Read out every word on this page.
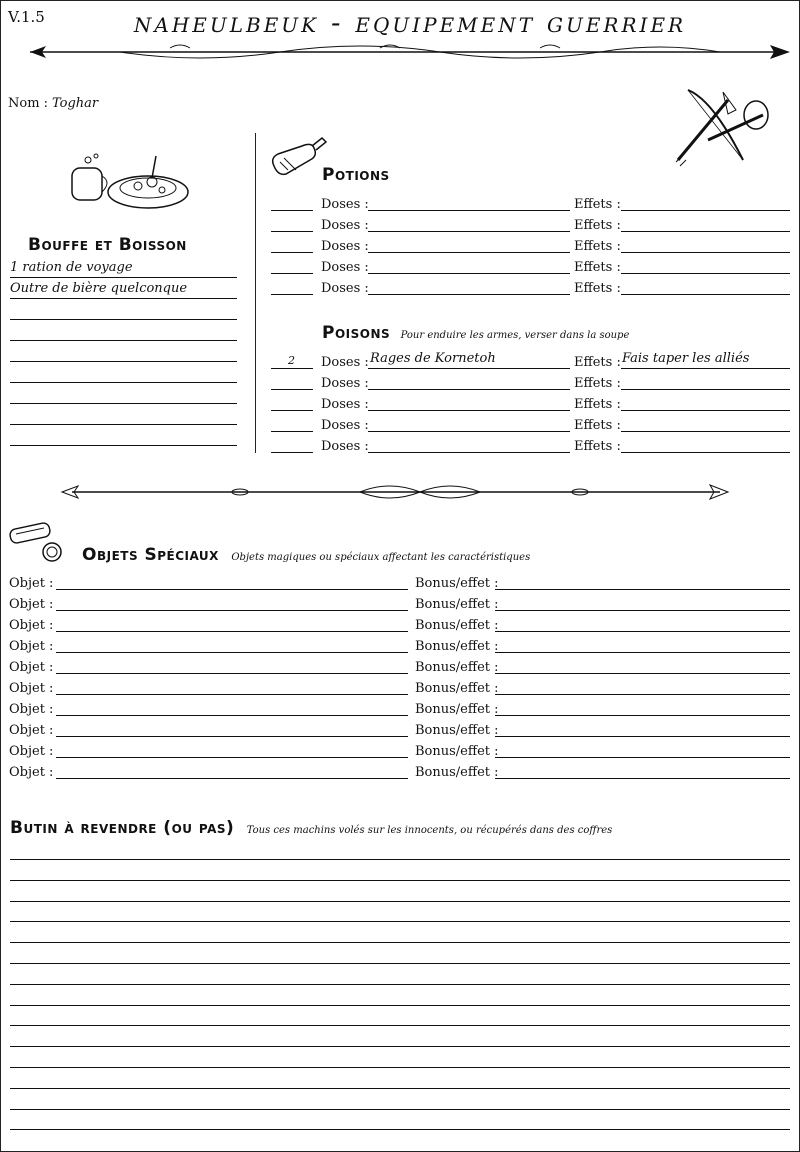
V.1.5	naheulbeuk - equipement guerrier
Nom : Toghar
Bouffe et Boisson
1 ration de voyage
Outre de bière quelconque
Potions
Doses :	Effets :
Doses :	Effets :
Doses :	Effets :
Doses :	Effets :
Doses :	Effets :
Poisons Pour enduire les armes, verser dans la soupe
2 Doses : Rages de Kornetoh	Effets : Fais taper les alliés
Doses :	Effets :
Doses :	Effets :
Doses :	Effets :
Doses :	Effets :
Objets Spéciaux Objets magiques ou spéciaux affectant les caractéristiques
Objet :	Bonus/effet :
Objet :	Bonus/effet :
Objet :	Bonus/effet :
Objet :	Bonus/effet :
Objet :	Bonus/effet :
Objet :	Bonus/effet :
Objet :	Bonus/effet :
Objet :	Bonus/effet :
Objet :	Bonus/effet :
Objet :	Bonus/effet :
Butin à revendre (ou pas) Tous ces machins volés sur les innocents, ou récupérés dans des coffres
